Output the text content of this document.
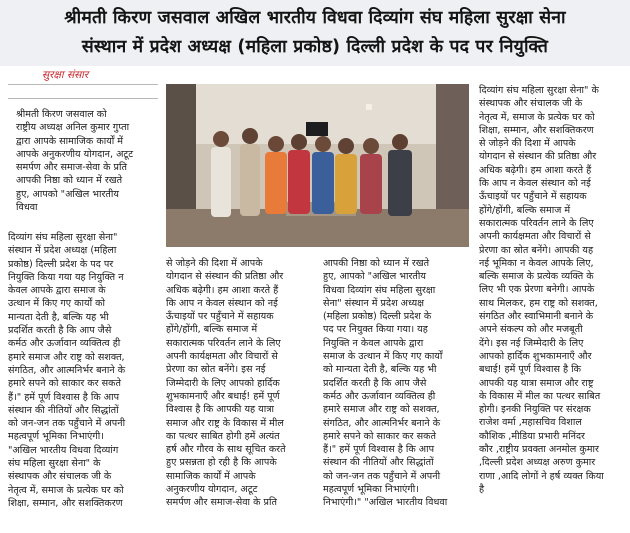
श्रीमती किरण जसवाल अखिल भारतीय विधवा दिव्यांग संघ महिला सुरक्षा सेना
संस्थान में प्रदेश अध्यक्ष (महिला प्रकोष्ठ) दिल्ली प्रदेश के पद पर नियुक्ति
सुरक्षा संसार
श्रीमती किरण जसवाल को
राष्ट्रीय अध्यक्ष अनिल कुमार गुप्ता
द्वारा आपके सामाजिक कार्यों में
आपके अनुकरणीय योगदान, अटूट
समर्पण और समाज-सेवा के प्रति
आपकी निष्ठा को ध्यान में रखते
हुए, आपको "अखिल भारतीय
विधवा
दिव्यांग संघ महिला सुरक्षा सेना"
संस्थान में प्रदेश अध्यक्ष (महिला
प्रकोष्ठ) दिल्ली प्रदेश के पद पर
नियुक्ति किया गया यह नियुक्ति न
केवल आपके द्वारा समाज के
उत्थान में किए गए कार्यों को
मान्यता देती है, बल्कि यह भी
प्रदर्शित करती है कि आप जैसे
कर्मठ और ऊर्जावान व्यक्तित्व ही
हमारे समाज और राष्ट्र को सशक्त,
संगठित, और आत्मनिर्भर बनाने के
हमारे सपने को साकार कर सकते
हैं।" हमें पूर्ण विश्वास है कि आप
संस्थान की नीतियों और सिद्धांतों
को जन-जन तक पहुँचाने में अपनी
महत्वपूर्ण भूमिका निभाएंगी।
"अखिल भारतीय विधवा दिव्यांग
संघ महिला सुरक्षा सेना" के
संस्थापक और संचालक जी के
नेतृत्व में, समाज के प्रत्येक घर को
शिक्षा, सम्मान, और सशक्तिकरण
से जोड़ने की दिशा में आपके
योगदान से संस्थान की प्रतिष्ठा और
अधिक बढ़ेगी। हम आशा करते हैं
कि आप न केवल संस्थान को नई
ऊँचाइयों पर पहुँचाने में सहायक
होंगे/होंगी, बल्कि समाज में
सकारात्मक परिवर्तन लाने के लिए
अपनी कार्यक्षमता और विचारों से
प्रेरणा का स्रोत बनेंगे। इस नई
जिम्मेदारी के लिए आपको हार्दिक
शुभकामनाएँ और बधाई! हमें पूर्ण
विश्वास है कि आपकी यह यात्रा
समाज और राष्ट्र के विकास में मील
का पत्थर साबित होगी हमें अत्यंत
हर्ष और गौरव के साथ सूचित करते
हुए प्रसन्नता हो रही है कि आपके
सामाजिक कार्यों में आपके
अनुकरणीय योगदान, अटूट
समर्पण और समाज-सेवा के प्रति
आपकी निष्ठा को ध्यान में रखते
हुए, आपको "अखिल भारतीय
विधवा दिव्यांग संघ महिला सुरक्षा
सेना" संस्थान में प्रदेश अध्यक्ष
(महिला प्रकोष्ठ) दिल्ली प्रदेश के
पद पर नियुक्त किया गया। यह
नियुक्ति न केवल आपके द्वारा
समाज के उत्थान में किए गए कार्यों
को मान्यता देती है, बल्कि यह भी
प्रदर्शित करती है कि आप जैसे
कर्मठ और ऊर्जावान व्यक्तित्व ही
हमारे समाज और राष्ट्र को सशक्त,
संगठित, और आत्मनिर्भर बनाने के
हमारे सपने को साकार कर सकते
हैं।" हमें पूर्ण विश्वास है कि आप
संस्थान की नीतियों और सिद्धांतों
को जन-जन तक पहुँचाने में अपनी
महत्वपूर्ण भूमिका निभाएंगी।
निभाएंगी।" "अखिल भारतीय विधवा
दिव्यांग संघ महिला सुरक्षा सेना" के
संस्थापक और संचालक जी के
नेतृत्व में, समाज के प्रत्येक घर को
शिक्षा, सम्मान, और सशक्तिकरण
से जोड़ने की दिशा में आपके
योगदान से संस्थान की प्रतिष्ठा और
अधिक बढ़ेगी। हम आशा करते हैं
कि आप न केवल संस्थान को नई
ऊँचाइयों पर पहुँचाने में सहायक
होंगे/होंगी, बल्कि समाज में
सकारात्मक परिवर्तन लाने के लिए
अपनी कार्यक्षमता और विचारों से
प्रेरणा का स्रोत बनेंगे। आपकी यह
नई भूमिका न केवल आपके लिए,
बल्कि समाज के प्रत्येक व्यक्ति के
लिए भी एक प्रेरणा बनेगी। आपके
साथ मिलकर, हम राष्ट्र को सशक्त,
संगठित और स्वाभिमानी बनाने के
अपने संकल्प को और मजबूती
देंगे। इस नई जिम्मेदारी के लिए
आपको हार्दिक शुभकामनाएँ और
बधाई! हमें पूर्ण विश्वास है कि
आपकी यह यात्रा समाज और राष्ट्र
के विकास में मील का पत्थर साबित
होगी। इनकी नियुक्ति पर संरक्षक
राजेश वर्मा ,महासचिव विशाल
कौशिक ,मीडिया प्रभारी मनिंदर
कौर ,राष्ट्रीय प्रवक्ता अनमोल कुमार
,दिल्ली प्रदेश अध्यक्ष अरुण कुमार
राणा ,आदि लोगों ने हर्ष व्यक्त किया
है
